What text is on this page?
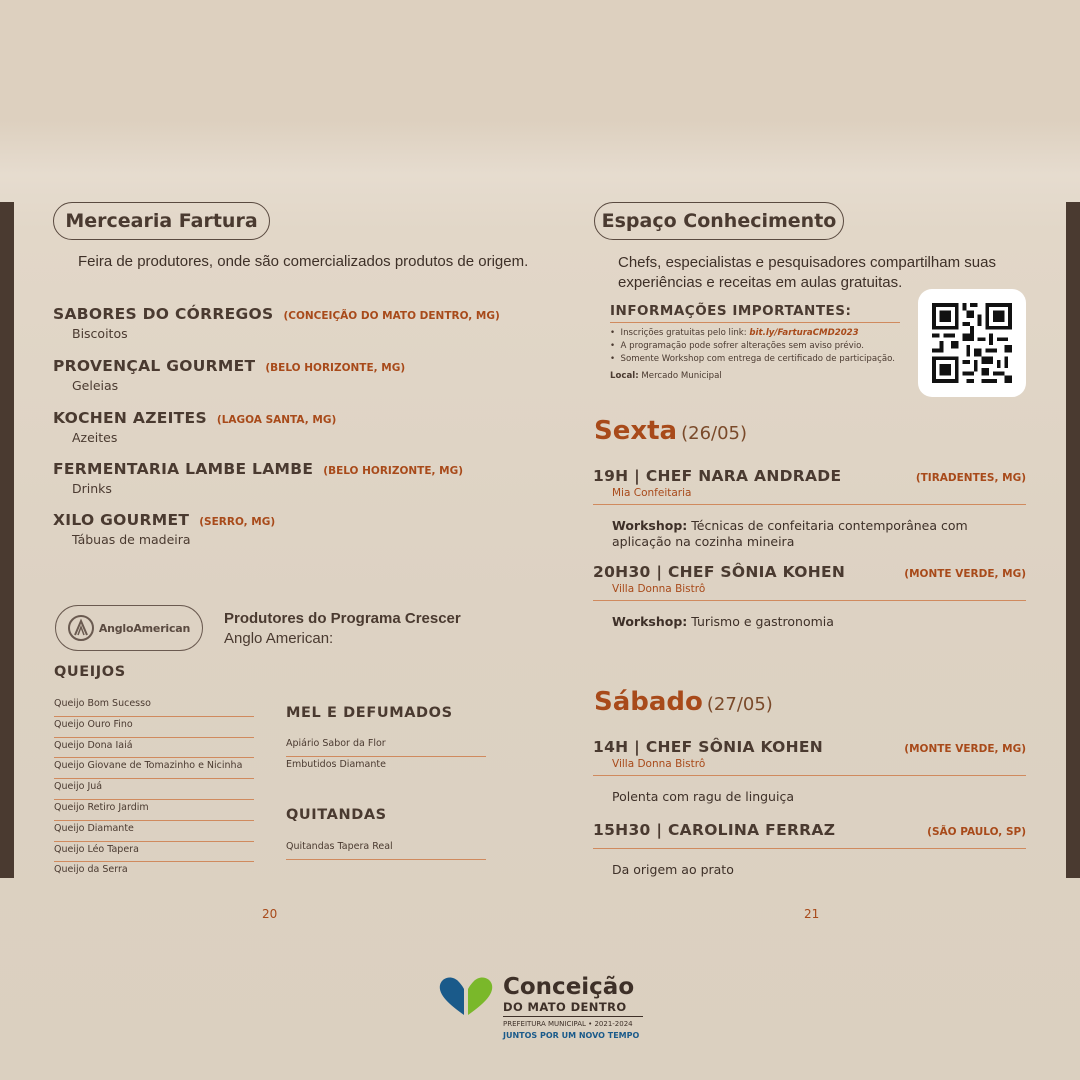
Mercearia Fartura
Feira de produtores, onde são comercializados produtos de origem.
SABORES DO CÓRREGOS (CONCEIÇÃO DO MATO DENTRO, MG)
Biscoitos
PROVENÇAL GOURMET (BELO HORIZONTE, MG)
Geleias
KOCHEN AZEITES (LAGOA SANTA, MG)
Azeites
FERMENTARIA LAMBE LAMBE (BELO HORIZONTE, MG)
Drinks
XILO GOURMET (SERRO, MG)
Tábuas de madeira
AngloAmerican
Produtores do Programa Crescer
Anglo American:
QUEIJOS
Queijo Bom Sucesso
Queijo Ouro Fino
Queijo Dona Iaiá
Queijo Giovane de Tomazinho e Nicinha
Queijo Juá
Queijo Retiro Jardim
Queijo Diamante
Queijo Léo Tapera
Queijo da Serra
MEL E DEFUMADOS
Apiário Sabor da Flor
Embutidos Diamante
QUITANDAS
Quitandas Tapera Real
20
Espaço Conhecimento
Chefs, especialistas e pesquisadores compartilham suas
experiências e receitas em aulas gratuitas.
INFORMAÇÕES IMPORTANTES:
•  Inscrições gratuitas pelo link: bit.ly/FarturaCMD2023
•  A programação pode sofrer alterações sem aviso prévio.
•  Somente Workshop com entrega de certificado de participação.
Local: Mercado Municipal
Sexta (26/05)
19H | CHEF NARA ANDRADE	(TIRADENTES, MG)
Mia Confeitaria
Workshop: Técnicas de confeitaria contemporânea com aplicação na cozinha mineira
20H30 | CHEF SÔNIA KOHEN	(MONTE VERDE, MG)
Villa Donna Bistrô
Workshop: Turismo e gastronomia
Sábado (27/05)
14H | CHEF SÔNIA KOHEN	(MONTE VERDE, MG)
Villa Donna Bistrô
Polenta com ragu de linguiça
15H30 | CAROLINA FERRAZ	(SÃO PAULO, SP)
Da origem ao prato
21
Conceição
DO MATO DENTRO
PREFEITURA MUNICIPAL • 2021-2024
JUNTOS POR UM NOVO TEMPO
